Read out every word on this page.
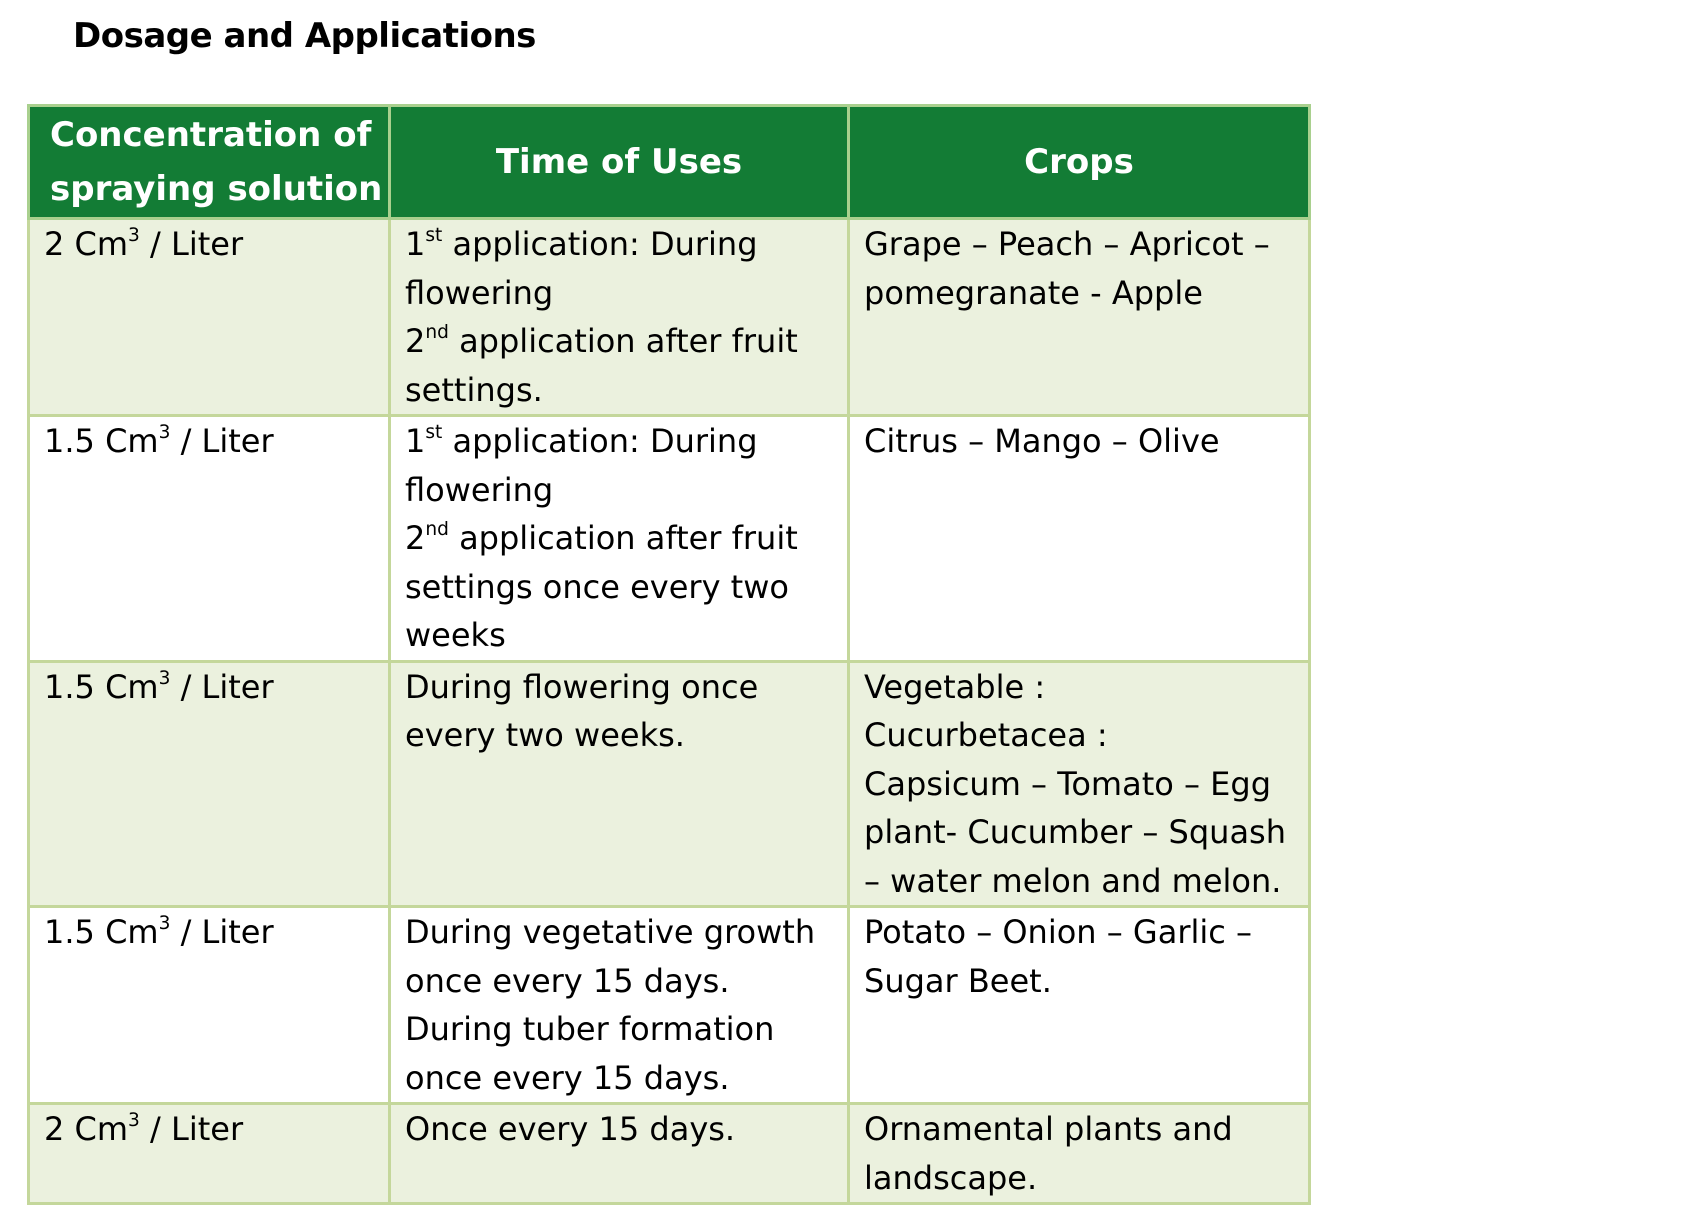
Dosage and Applications
Concentration of
spraying solution	Time of Uses	Crops

2 Cm$^3$ / Liter	1st application: During
flowering
2nd application after fruit
settings.	Grape – Peach – Apricot –
pomegranate - Apple

1.5 Cm$^3$ / Liter	1st application: During
flowering
2nd application after fruit
settings once every two
weeks	Citrus – Mango – Olive

1.5 Cm$^3$ / Liter	During flowering once
every two weeks.	Vegetable :
Cucurbetacea :
Capsicum – Tomato – Egg
plant- Cucumber – Squash
– water melon and melon.

1.5 Cm$^3$ / Liter	During vegetative growth
once every 15 days.
During tuber formation
once every 15 days.	Potato – Onion – Garlic –
Sugar Beet.

2 Cm$^3$ / Liter	Once every 15 days.	Ornamental plants and
landscape.
